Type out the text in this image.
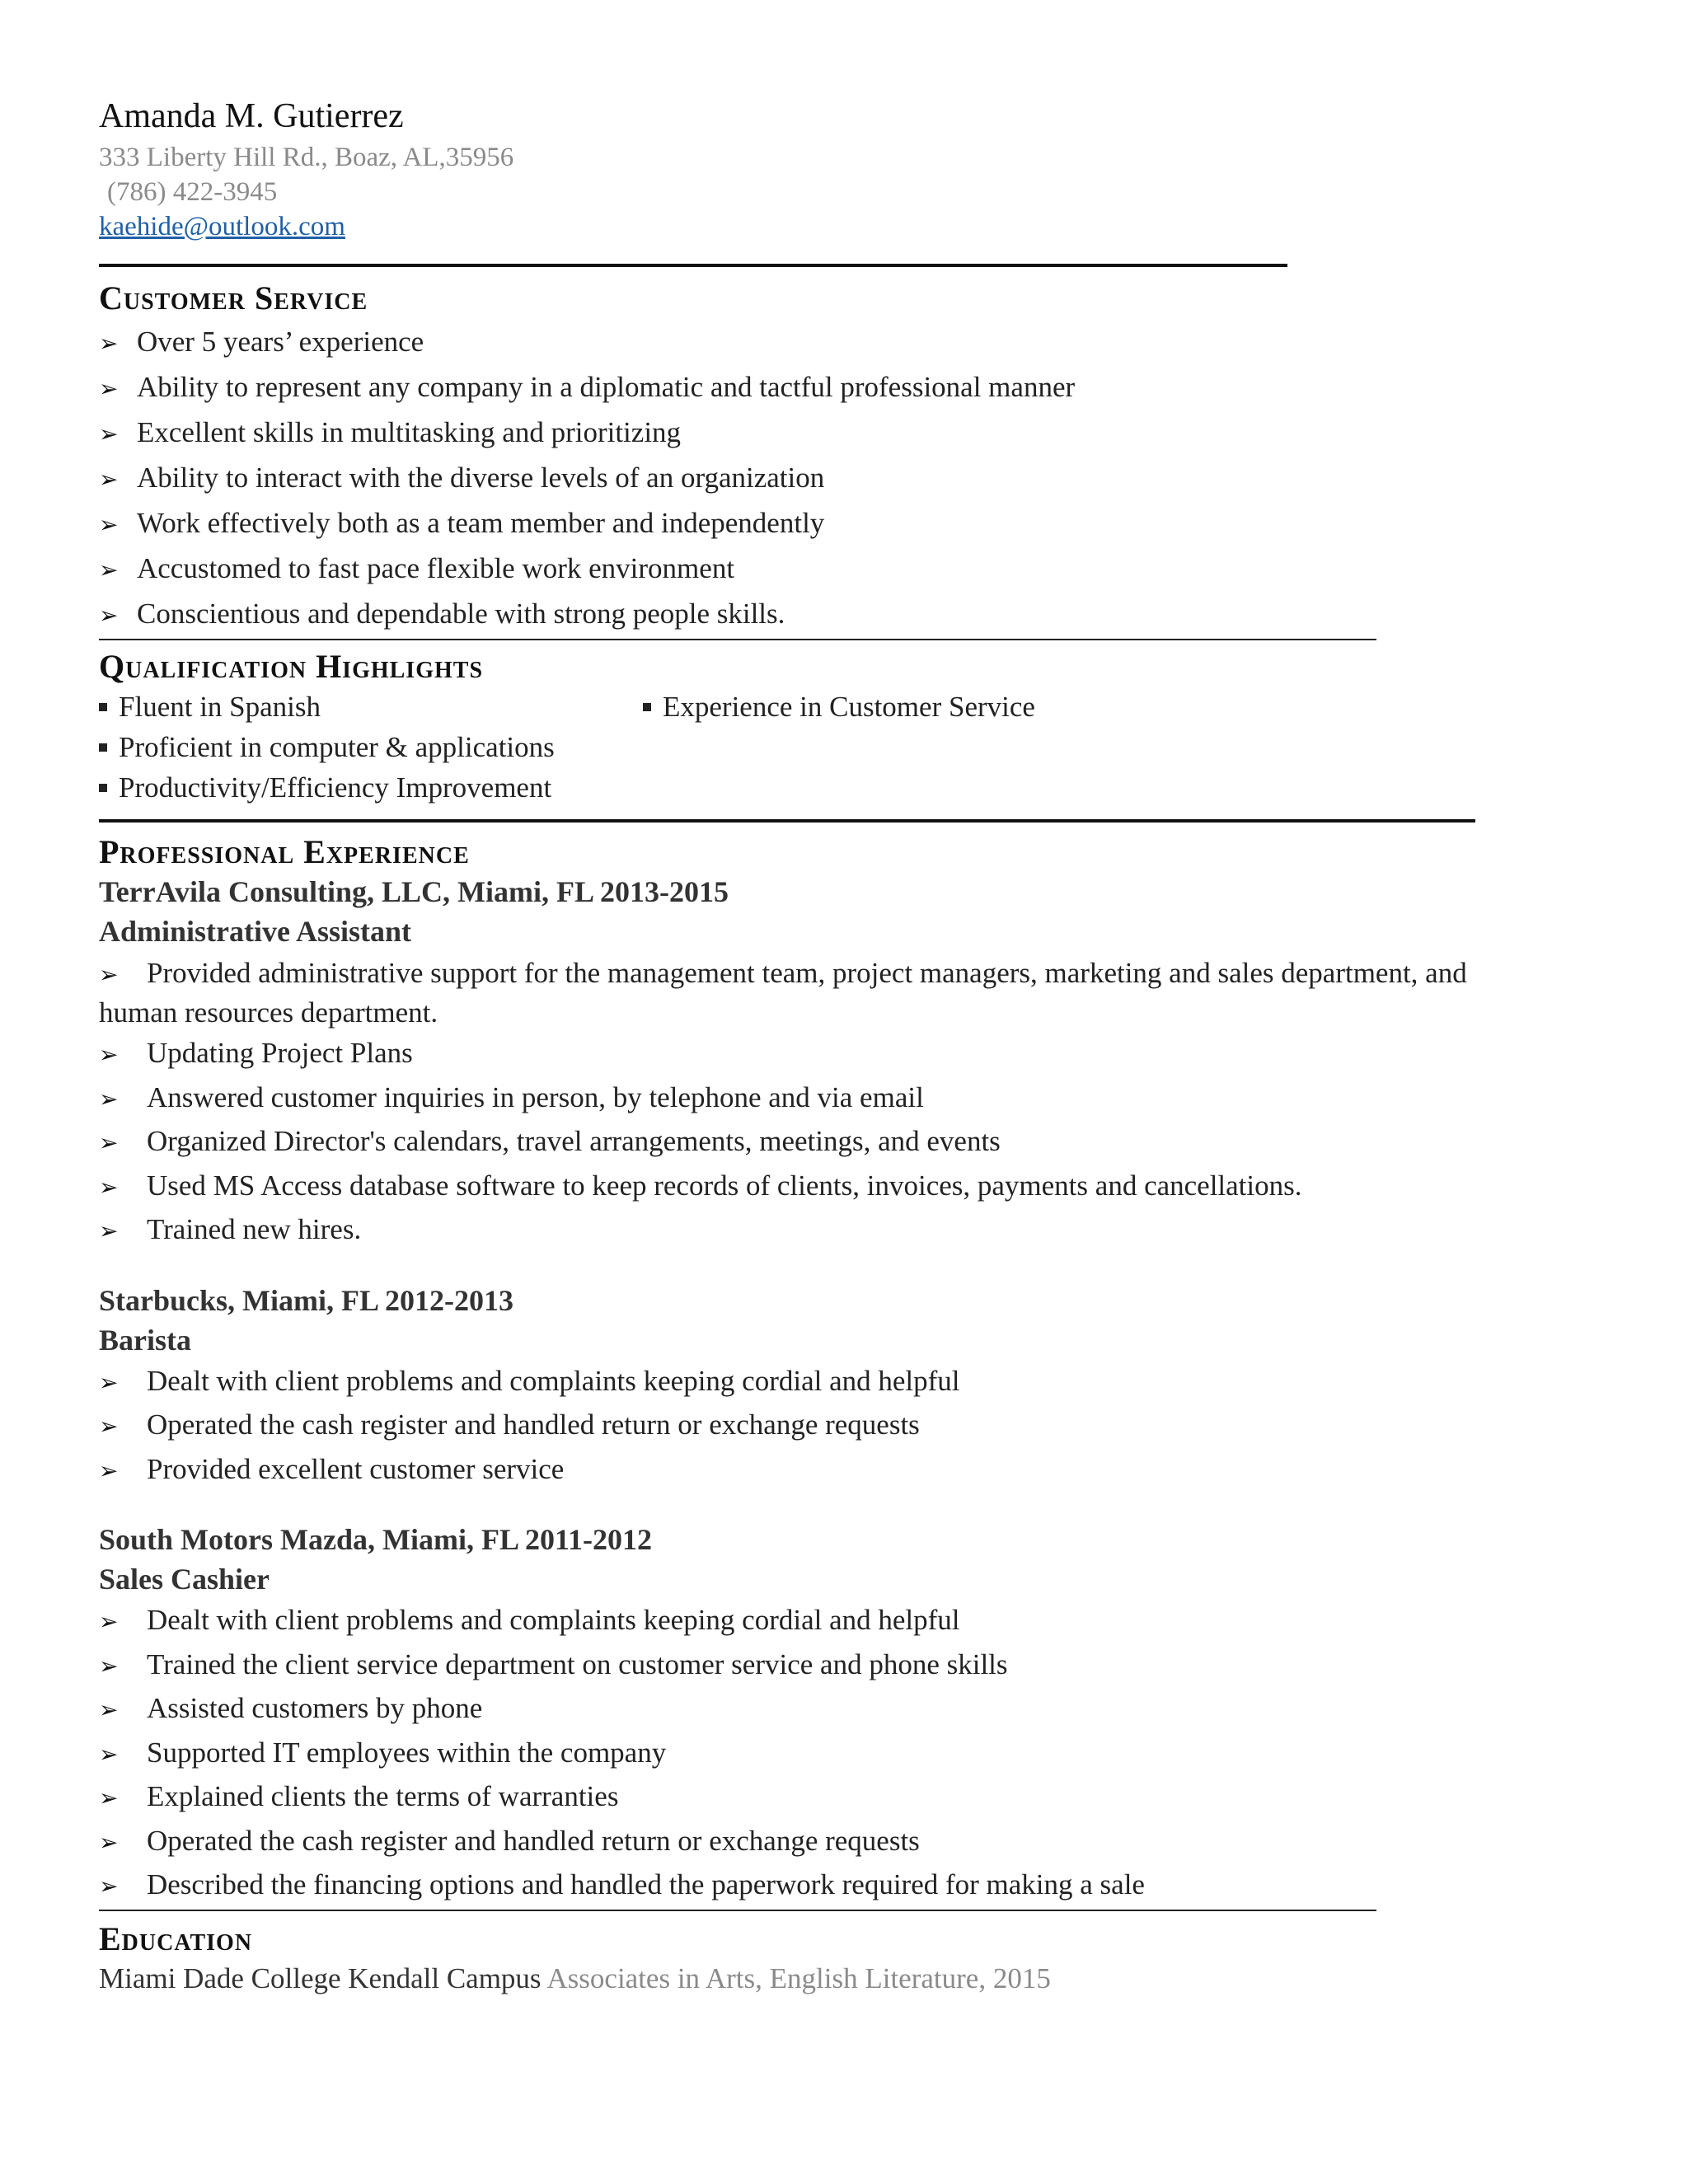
Amanda M. Gutierrez
333 Liberty Hill Rd., Boaz, AL,35956
(786) 422-3945
kaehide@outlook.com
Customer Service
➢ Over 5 years’ experience
➢ Ability to represent any company in a diplomatic and tactful professional manner
➢ Excellent skills in multitasking and prioritizing
➢ Ability to interact with the diverse levels of an organization
➢ Work effectively both as a team member and independently
➢ Accustomed to fast pace flexible work environment
➢ Conscientious and dependable with strong people skills.
Qualification Highlights
Fluent in Spanish	Experience in Customer Service
Proficient in computer & applications
Productivity/Efficiency Improvement
Professional Experience
TerrAvila Consulting, LLC, Miami, FL 2013-2015
Administrative Assistant
➢ Provided administrative support for the management team, project managers, marketing and sales department, and human resources department.
➢ Updating Project Plans
➢ Answered customer inquiries in person, by telephone and via email
➢ Organized Director's calendars, travel arrangements, meetings, and events
➢ Used MS Access database software to keep records of clients, invoices, payments and cancellations.
➢ Trained new hires.
Starbucks, Miami, FL 2012-2013
Barista
➢ Dealt with client problems and complaints keeping cordial and helpful
➢ Operated the cash register and handled return or exchange requests
➢ Provided excellent customer service
South Motors Mazda, Miami, FL 2011-2012
Sales Cashier
➢ Dealt with client problems and complaints keeping cordial and helpful
➢ Trained the client service department on customer service and phone skills
➢ Assisted customers by phone
➢ Supported IT employees within the company
➢ Explained clients the terms of warranties
➢ Operated the cash register and handled return or exchange requests
➢ Described the financing options and handled the paperwork required for making a sale
Education
Miami Dade College Kendall Campus Associates in Arts, English Literature, 2015
